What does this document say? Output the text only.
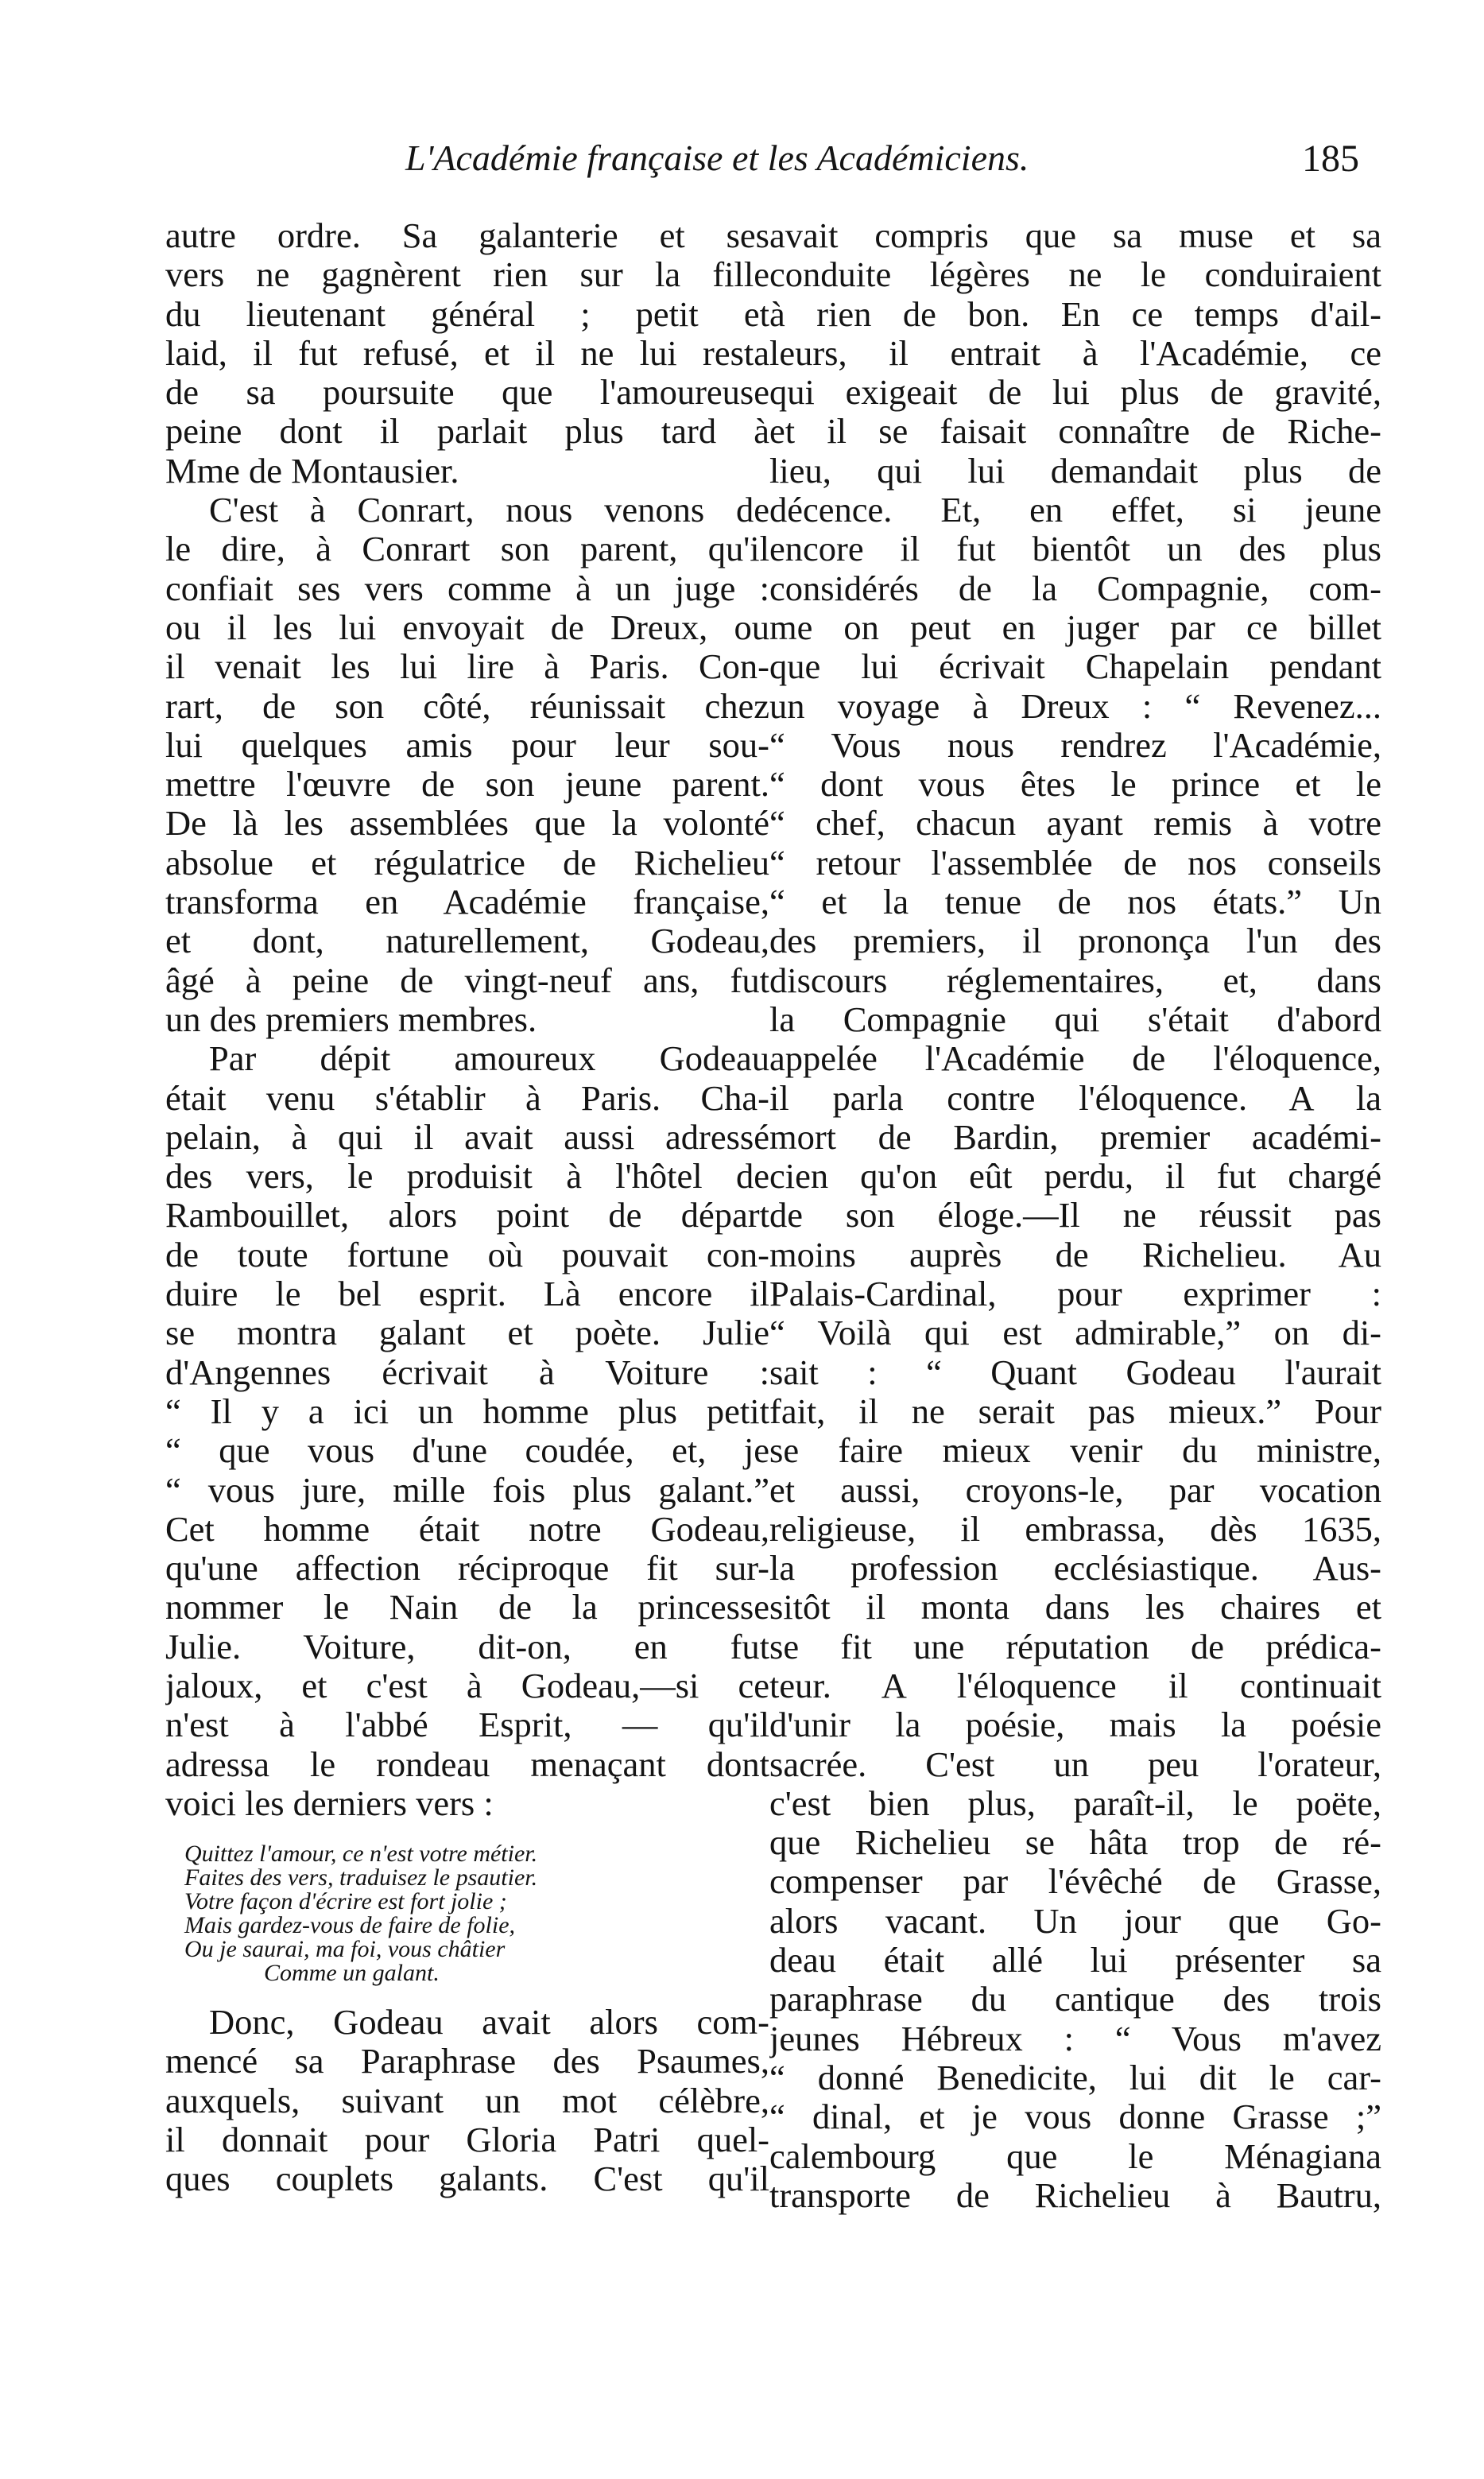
L'Académie française et les Académiciens.	185
autre ordre. Sa galanterie et ses
vers ne gagnèrent rien sur la fille
du lieutenant général ; petit et
laid, il fut refusé, et il ne lui resta
de sa poursuite que l'amoureuse
peine dont il parlait plus tard à
Mme de Montausier.
C'est à Conrart, nous venons de
le dire, à Conrart son parent, qu'il
confiait ses vers comme à un juge :
ou il les lui envoyait de Dreux, ou
il venait les lui lire à Paris. Con-
rart, de son côté, réunissait chez
lui quelques amis pour leur sou-
mettre l'œuvre de son jeune parent.
De là les assemblées que la volonté
absolue et régulatrice de Richelieu
transforma en Académie française,
et dont, naturellement, Godeau,
âgé à peine de vingt-neuf ans, fut
un des premiers membres.
Par dépit amoureux Godeau
était venu s'établir à Paris. Cha-
pelain, à qui il avait aussi adressé
des vers, le produisit à l'hôtel de
Rambouillet, alors point de départ
de toute fortune où pouvait con-
duire le bel esprit. Là encore il
se montra galant et poète. Julie
d'Angennes écrivait à Voiture :
“ Il y a ici un homme plus petit
“ que vous d'une coudée, et, je
“ vous jure, mille fois plus galant.”
Cet homme était notre Godeau,
qu'une affection réciproque fit sur-
nommer le Nain de la princesse
Julie. Voiture, dit-on, en fut
jaloux, et c'est à Godeau,—si ce
n'est à l'abbé Esprit, — qu'il
adressa le rondeau menaçant dont
voici les derniers vers :
Quittez l'amour, ce n'est votre métier.
Faites des vers, traduisez le psautier.
Votre façon d'écrire est fort jolie ;
Mais gardez-vous de faire de folie,
Ou je saurai, ma foi, vous châtier
Comme un galant.
Donc, Godeau avait alors com-
mencé sa Paraphrase des Psaumes,
auxquels, suivant un mot célèbre,
il donnait pour Gloria Patri quel-
ques couplets galants. C'est qu'il
avait compris que sa muse et sa
conduite légères ne le conduiraient
à rien de bon. En ce temps d'ail-
leurs, il entrait à l'Académie, ce
qui exigeait de lui plus de gravité,
et il se faisait connaître de Riche-
lieu, qui lui demandait plus de
décence. Et, en effet, si jeune
encore il fut bientôt un des plus
considérés de la Compagnie, com-
me on peut en juger par ce billet
que lui écrivait Chapelain pendant
un voyage à Dreux : “ Revenez...
“ Vous nous rendrez l'Académie,
“ dont vous êtes le prince et le
“ chef, chacun ayant remis à votre
“ retour l'assemblée de nos conseils
“ et la tenue de nos états.” Un
des premiers, il prononça l'un des
discours réglementaires, et, dans
la Compagnie qui s'était d'abord
appelée l'Académie de l'éloquence,
il parla contre l'éloquence. A la
mort de Bardin, premier académi-
cien qu'on eût perdu, il fut chargé
de son éloge.—Il ne réussit pas
moins auprès de Richelieu. Au
Palais-Cardinal, pour exprimer :
“ Voilà qui est admirable,” on di-
sait : “ Quant Godeau l'aurait
fait, il ne serait pas mieux.” Pour
se faire mieux venir du ministre,
et aussi, croyons-le, par vocation
religieuse, il embrassa, dès 1635,
la profession ecclésiastique. Aus-
sitôt il monta dans les chaires et
se fit une réputation de prédica-
teur. A l'éloquence il continuait
d'unir la poésie, mais la poésie
sacrée. C'est un peu l'orateur,
c'est bien plus, paraît-il, le poëte,
que Richelieu se hâta trop de ré-
compenser par l'évêché de Grasse,
alors vacant. Un jour que Go-
deau était allé lui présenter sa
paraphrase du cantique des trois
jeunes Hébreux : “ Vous m'avez
“ donné Benedicite, lui dit le car-
“ dinal, et je vous donne Grasse ;”
calembourg que le Ménagiana
transporte de Richelieu à Bautru,
